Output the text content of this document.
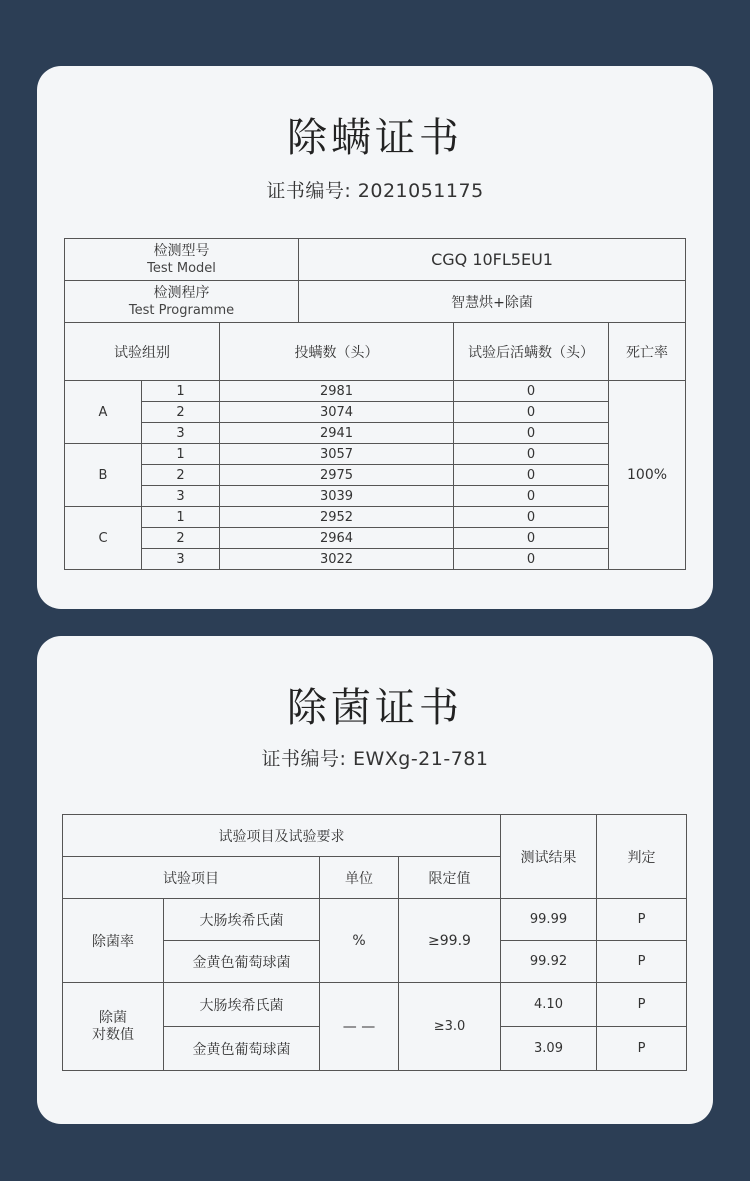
除螨证书
证书编号: 2021051175
检测型号
Test Model			CGQ 10FL5EU1		

检测程序
Test Programme			智慧烘+除菌		
试验组别		投螨数（头）		试验后活螨数（头）	死亡率
A	1	2981		0	100%
	2	3074		0	
	3	2941		0	
B	1	3057		0	
	2	2975		0	
	3	3039		0	
C	1	2952		0	
	2	2964		0	
	3	3022		0	
除菌证书
证书编号: EWXg-21-781
试验项目及试验要求				测试结果	判定
试验项目		单位	限定值		
除菌率	大肠埃希氏菌	%	≥99.9	99.99	P
	金黄色葡萄球菌			99.92	P

除菌
对数值	大肠埃希氏菌	— —	≥3.0	4.10	P
	金黄色葡萄球菌			3.09	P
